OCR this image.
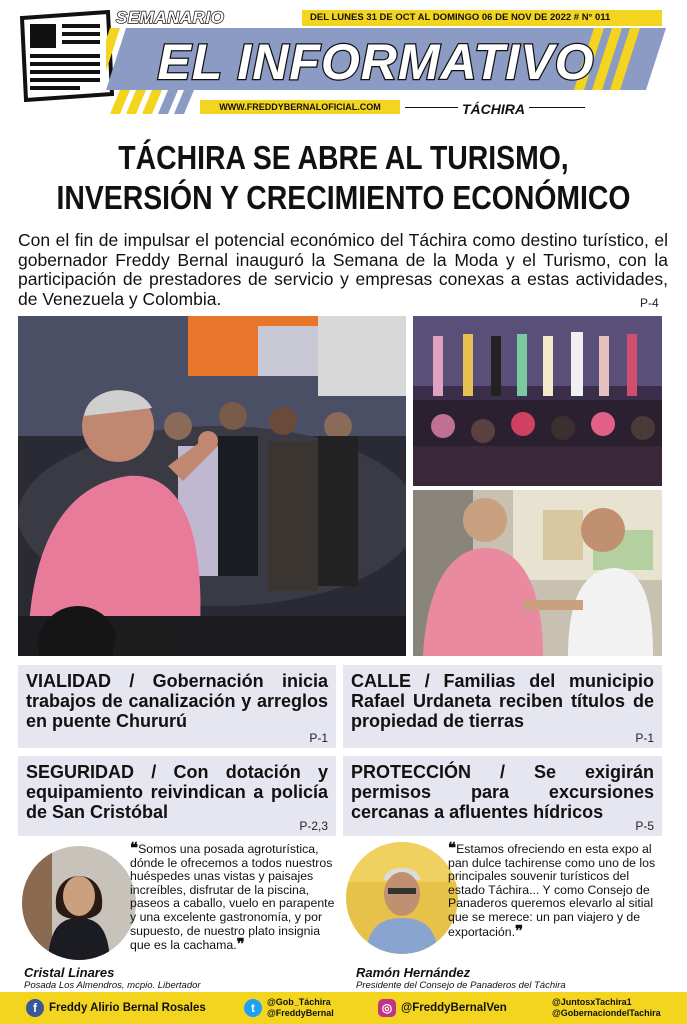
SEMANARIO	DEL LUNES 31 DE OCT AL DOMINGO 06 DE NOV DE 2022 # N° 011
EL INFORMATIVO
WWW.FREDDYBERNALOFICIAL.COM	TÁCHIRA
TÁCHIRA SE ABRE AL TURISMO,
INVERSIÓN Y CRECIMIENTO ECONÓMICO
Con el fin de impulsar el potencial económico del Táchira como destino turístico, el gobernador Freddy Bernal inauguró la Semana de la Moda y el Turismo, con la participación de prestadores de servicio y empresas conexas a estas actividades, de Venezuela y Colombia.	P-4
VIALIDAD / Gobernación inicia trabajos de canalización y arreglos en puente Chururú
P-1
CALLE / Familias del municipio Rafael Urdaneta reciben títulos de propiedad de tierras
P-1
SEGURIDAD / Con dotación y equipamiento reivindican a policía de San Cristóbal
P-2,3
PROTECCIÓN / Se exigirán permisos para excursiones cercanas a afluentes hídricos
P-5
❝Somos una posada agroturística, dónde le ofrecemos a todos nuestros huéspedes unas vistas y paisajes increíbles, disfrutar de la piscina, paseos a caballo, vuelo en parapente y una excelente gastronomía, y por supuesto, de nuestro plato insignia que es la cachama.❞
Cristal Linares
Posada Los Almendros, mcpio. Libertador
❝Estamos ofreciendo en esta expo al pan dulce tachirense como uno de los principales souvenir turísticos del estado Táchira... Y como Consejo de Panaderos queremos elevarlo al sitial que se merece: un pan viajero y de exportación.❞
Ramón Hernández
Presidente del Consejo de Panaderos del Táchira
f	Freddy Alirio Bernal Rosales	t	@Gob_Táchira
@FreddyBernal	◎ @FreddyBernalVen	@JuntosxTachira1
@GobernaciondelTachira
